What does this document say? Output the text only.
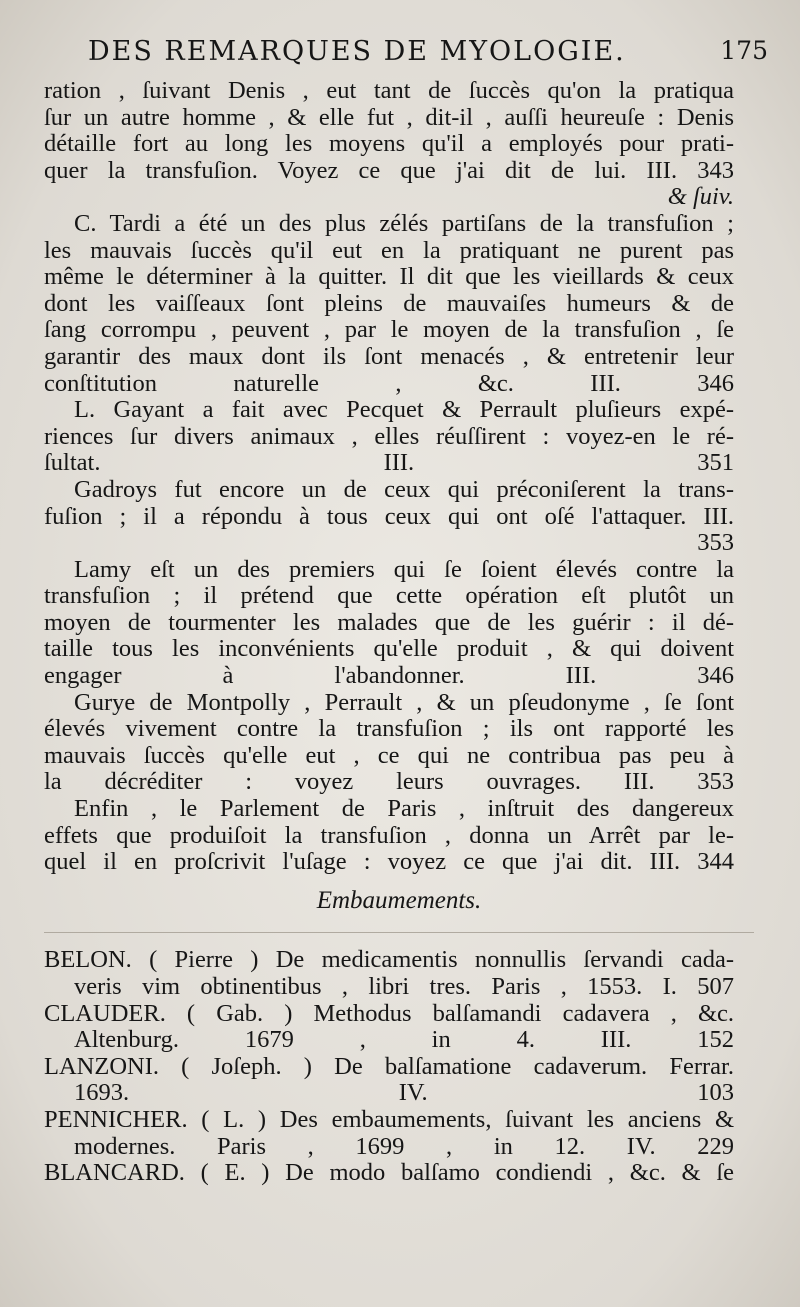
DES REMARQUES DE MYOLOGIE.	175
ration , ſuivant Denis , eut tant de ſuccès qu'on la pratiqua
ſur un autre homme , & elle fut , dit-il , auſſi heureuſe : Denis
détaille fort au long les moyens qu'il a employés pour prati-
quer la transfuſion. Voyez ce que j'ai dit de lui. III. 343
& ſuiv.
C. Tardi a été un des plus zélés partiſans de la transfuſion ;
les mauvais ſuccès qu'il eut en la pratiquant ne purent pas
même le déterminer à la quitter. Il dit que les vieillards & ceux
dont les vaiſſeaux ſont pleins de mauvaiſes humeurs & de
ſang corrompu , peuvent , par le moyen de la transfuſion , ſe
garantir des maux dont ils ſont menacés , & entretenir leur
conſtitution naturelle , &c. III. 346
L. Gayant a fait avec Pecquet & Perrault pluſieurs expé-
riences ſur divers animaux , elles réuſſirent : voyez-en le ré-
ſultat. III. 351
Gadroys fut encore un de ceux qui préconiſerent la trans-
fuſion ; il a répondu à tous ceux qui ont oſé l'attaquer. III.
353
Lamy eſt un des premiers qui ſe ſoient élevés contre la
transfuſion ; il prétend que cette opération eſt plutôt un
moyen de tourmenter les malades que de les guérir : il dé-
taille tous les inconvénients qu'elle produit , & qui doivent
engager à l'abandonner. III. 346
Gurye de Montpolly , Perrault , & un pſeudonyme , ſe ſont
élevés vivement contre la transfuſion ; ils ont rapporté les
mauvais ſuccès qu'elle eut , ce qui ne contribua pas peu à
la décréditer : voyez leurs ouvrages. III. 353
Enfin , le Parlement de Paris , inſtruit des dangereux
effets que produiſoit la transfuſion , donna un Arrêt par le-
quel il en proſcrivit l'uſage : voyez ce que j'ai dit. III. 344
Embaumements.
BELON. ( Pierre ) De medicamentis nonnullis ſervandi cada-
veris vim obtinentibus , libri tres. Paris , 1553. I. 507
CLAUDER. ( Gab. ) Methodus balſamandi cadavera , &c.
Altenburg. 1679 , in 4. III. 152
LANZONI. ( Joſeph. ) De balſamatione cadaverum. Ferrar.
1693. IV. 103
PENNICHER. ( L. ) Des embaumements, ſuivant les anciens &
modernes. Paris , 1699 , in 12. IV. 229
BLANCARD. ( E. ) De modo balſamo condiendi , &c. & ſe
